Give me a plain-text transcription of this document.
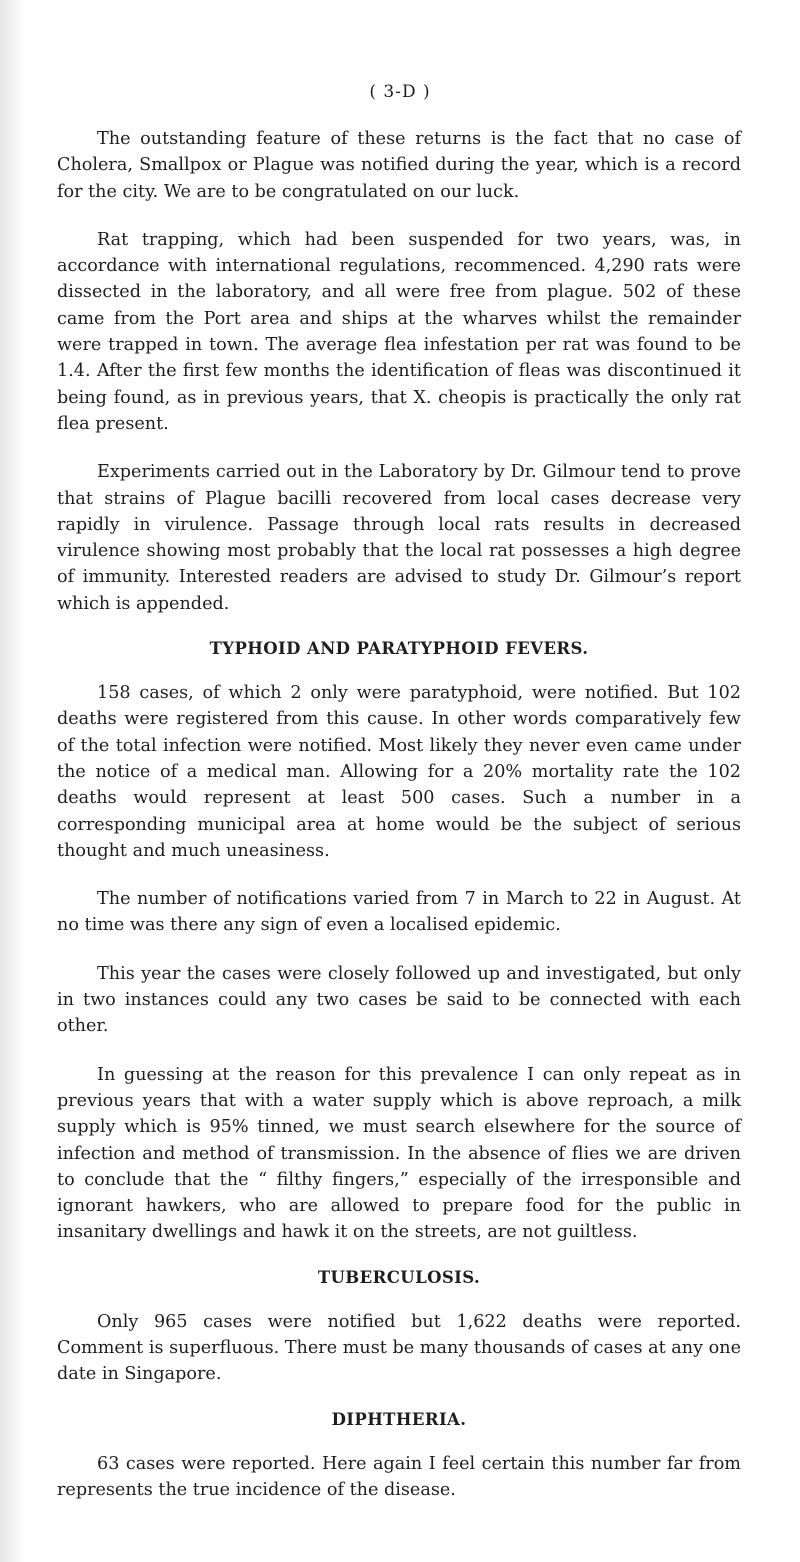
( 3-D )

The outstanding feature of these returns is the fact that no case of Cholera, Smallpox or Plague was notified during the year, which is a record for the city. We are to be congratulated on our luck.

Rat trapping, which had been suspended for two years, was, in accordance with international regulations, recommenced. 4,290 rats were dissected in the laboratory, and all were free from plague. 502 of these came from the Port area and ships at the wharves whilst the remainder were trapped in town. The average flea infestation per rat was found to be 1.4. After the first few months the identification of fleas was discontinued it being found, as in previous years, that X. cheopis is practically the only rat flea present.

Experiments carried out in the Laboratory by Dr. Gilmour tend to prove that strains of Plague bacilli recovered from local cases decrease very rapidly in virulence. Passage through local rats results in decreased virulence showing most probably that the local rat possesses a high degree of immunity. Interested readers are advised to study Dr. Gilmour’s report which is appended.

TYPHOID AND PARATYPHOID FEVERS.

158 cases, of which 2 only were paratyphoid, were notified. But 102 deaths were registered from this cause. In other words comparatively few of the total infection were notified. Most likely they never even came under the notice of a medical man. Allowing for a 20% mortality rate the 102 deaths would represent at least 500 cases. Such a number in a corresponding municipal area at home would be the subject of serious thought and much uneasiness.

The number of notifications varied from 7 in March to 22 in August. At no time was there any sign of even a localised epidemic.

This year the cases were closely followed up and investigated, but only in two instances could any two cases be said to be connected with each other.

In guessing at the reason for this prevalence I can only repeat as in previous years that with a water supply which is above reproach, a milk supply which is 95% tinned, we must search elsewhere for the source of infection and method of transmission. In the absence of flies we are driven to conclude that the “ filthy fingers,” especially of the irresponsible and ignorant hawkers, who are allowed to prepare food for the public in insanitary dwellings and hawk it on the streets, are not guiltless.

TUBERCULOSIS.

Only 965 cases were notified but 1,622 deaths were reported. Comment is superfluous. There must be many thousands of cases at any one date in Singapore.

DIPHTHERIA.

63 cases were reported. Here again I feel certain this number far from represents the true incidence of the disease.
